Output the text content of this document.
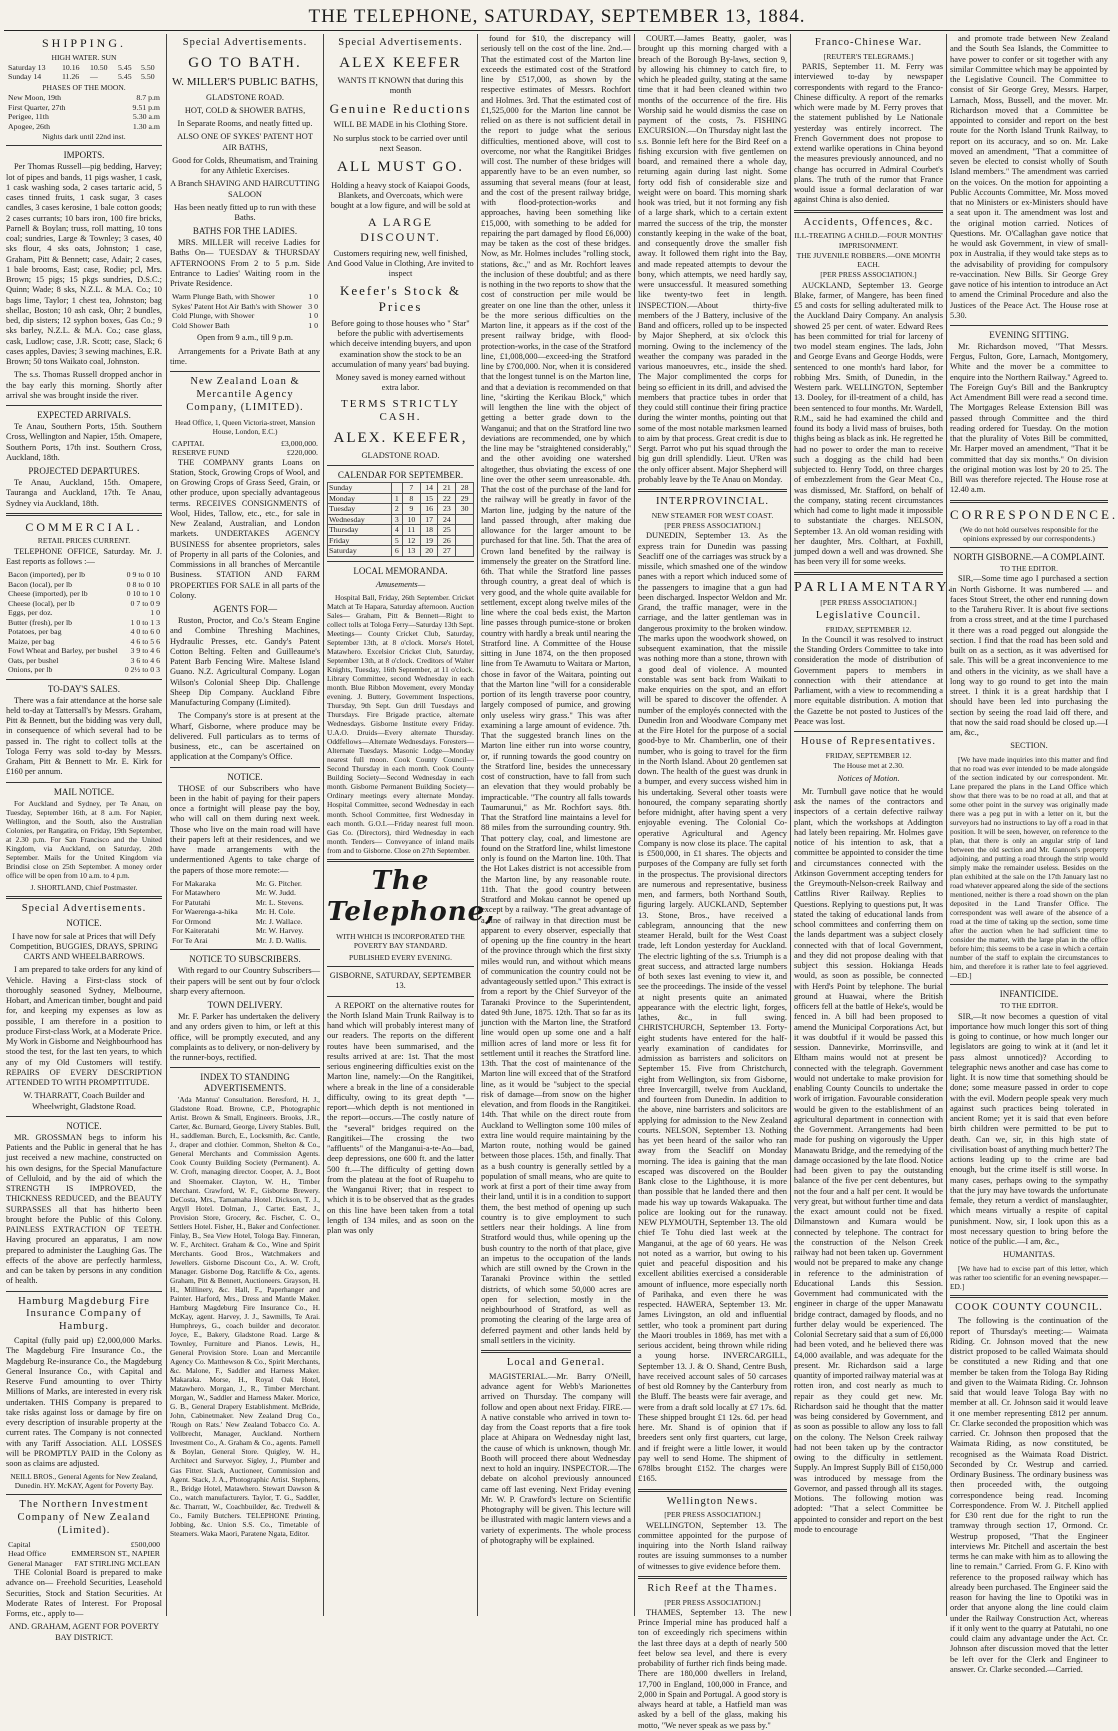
THE TELEPHONE, SATURDAY, SEPTEMBER 13, 1884.
SHIPPING.
HIGH WATER. SUN
Saturday 13	10.16	10.50	5.45	5.50
Sunday 14	11.26	—	5.45	5.50
PHASES OF THE MOON.
New Moon, 19th	8.7 p.m
First Quarter, 27th	9.51 p.m
Perigee, 11th	5.30 a.m
Apogee, 26th	1.30 a.m
Nights dark until 22nd inst.
IMPORTS.

Per Thomas Russell—pig bedding, Harvey; lot of pipes and bands, 11 pigs washer, 1 cask, 1 cask washing soda, 2 cases tartaric acid, 5 cases tinned fruits, 1 cask sugar, 3 cases candles, 3 cases kerosine, 1 bale cotton goods; 2 cases currants; 10 bars iron, 100 fire bricks, Parnell & Boylan; truss, roll matting, 10 tons coal; sundries, Large & Townley; 3 cases, 40 sks flour, 4 sks oats, Johnston; 1 case, Graham, Pitt & Bennett; case, Adair; 2 cases, 1 bale brooms, East; case, Rodie; pcl, Mrs. Brown; 15 pigs; 15 pkgs sundries, D.S.C.; Quinn; Wade; 8 sks, N.Z.L. & M.A. Co.; 10 bags lime, Taylor; 1 chest tea, Johnston; bag shellac, Boston; 10 ash cask, Ohr; 2 bundles, bed, dip sisters; 12 syphon boxes, Gas Co.; 9 sks barley, N.Z.L. & M.A. Co.; case glass, cask, Ludlow; case, J.R. Scott; case, Slack; 6 cases apples, Davies; 3 sewing machines, E.R. Brown; 50 tons Waikato coal, Johnston.

The s.s. Thomas Russell dropped anchor in the bay early this morning. Shortly after arrival she was brought inside the river.

EXPECTED ARRIVALS.

Te Anau, Southern Ports, 15th. Southern Cross, Wellington and Napier, 15th. Omapere, Southern Ports, 17th inst. Southern Cross, Auckland, 18th.

PROJECTED DEPARTURES.

Te Anau, Auckland, 15th. Omapere, Tauranga and Auckland, 17th. Te Anau, Sydney via Auckland, 18th.

COMMERCIAL.
RETAIL PRICES CURRENT.

TELEPHONE OFFICE, Saturday. Mr. J. East reports as follows :—

Bacon (imported), per lb	0 9 to 0 10
Bacon (local), per lb	0 8 to 0 10
Cheese (imported), per lb	0 10 to 1 0
Cheese (local), per lb	0 7 to 0 9
Eggs, per doz.	1 0
Butter (fresh), per lb	1 0 to 1 3
Potatoes, per bag	4 0 to 6 0
Maize, per bag	4 6 to 5 6
Fowl Wheat and Barley, per bushel	3 9 to 4 6
Oats, per bushel	3 6 to 4 6
Onions, per lb	0 2½ to 0 3
TO-DAY'S SALES.

There was a fair attendance at the horse sale held to-day at Tattersall's by Messrs. Graham, Pitt & Bennett, but the bidding was very dull, in consequence of which several had to be passed in. The right to collect tolls at the Tologa Ferry was sold to-day by Messrs. Graham, Pitt & Bennett to Mr. E. Kirk for £160 per annum.

MAIL NOTICE.

For Auckland and Sydney, per Te Anau, on Tuesday, September 16th, at 8 a.m. For Napier, Wellington, and the South, also the Australian Colonies, per Rangatira, on Friday, 19th September, at 2.30 p.m. For San Francisco and the United Kingdom, via Auckland, on Saturday, 20th September. Mails for the United Kingdom via Brindisi close on 25th September. A money order office will be open from 10 a.m. to 4 p.m.

J. SHORTLAND, Chief Postmaster.
Special Advertisements.
NOTICE.
I have now for sale at Prices that will Defy Competition, BUGGIES, DRAYS, SPRING CARTS AND WHEELBARROWS.

I am prepared to take orders for any kind of Vehicle. Having a First-class stock of thoroughly seasoned Sydney, Melbourne, Hobart, and American timber, bought and paid for, and keeping my expenses as low as possible, I am therefore in a position to produce First-class Work, at a Moderate Price. My Work in Gisborne and Neighbourhood has stood the test, for the last ten years, to which any of my Old Customers will testify. REPAIRS OF EVERY DESCRIPTION ATTENDED TO WITH PROMPTITUDE.

W. THARRATT, Coach Builder and Wheelwright, Gladstone Road.
NOTICE.

MR. GROSSMAN begs to inform his Patients and the Public in general that he has just received a new machine, constructed on his own designs, for the Special Manufacture of Celluloid, and by the aid of which the STRENGTH IS IMPROVED, the THICKNESS REDUCED, and the BEAUTY SURPASSES all that has hitherto been brought before the Public of this Colony. PAINLESS EXTRACTION OF TEETH. Having procured an apparatus, I am now prepared to administer the Laughing Gas. The effects of the above are perfectly harmless, and can be taken by persons in any condition of health.

Hamburg Magdeburg Fire Insurance Company of Hamburg.

Capital (fully paid up) £2,000,000 Marks. The Magdeburg Fire Insurance Co., the Magdeburg Re-insurance Co., the Magdeburg General Insurance Co., with Capital and Reserve Fund amounting to over Thirty Millions of Marks, are interested in every risk undertaken. THIS Company is prepared to take risks against loss or damage by fire on every description of insurable property at the current rates. The Company is not connected with any Tariff Association. ALL LOSSES will be PROMPTLY PAID in the Colony as soon as claims are adjusted.

NEILL BROS., General Agents for New Zealand, Dunedin. HY. McKAY, Agent for Poverty Bay.
The Northern Investment Company of New Zealand (Limited).
Capital	£500,000
Head Office	EMMERSON ST., NAPIER
General Manager	FAT STIRLING MCLEAN

THE Colonial Board is prepared to make advance on— Freehold Securities, Leasehold Securities, Stock and Station Securities. At Moderate Rates of Interest. For Proposal Forms, etc., apply to—

AND. GRAHAM, AGENT FOR POVERTY BAY DISTRICT.
Special Advertisements.
GO TO BATH.
W. MILLER'S PUBLIC BATHS,
GLADSTONE ROAD.
HOT, COLD & SHOWER BATHS,
In Separate Rooms, and neatly fitted up.
ALSO ONE OF SYKES' PATENT HOT AIR BATHS,
Good for Colds, Rheumatism, and Training for any Athletic Exercises.
A Branch SHAVING AND HAIRCUTTING SALOON
Has been neatly fitted up to run with these Baths.
BATHS FOR THE LADIES.

MRS. MILLER will receive Ladies for Baths On— TUESDAY & THURSDAY AFTERNOONS From 2 to 5 p.m. Side Entrance to Ladies' Waiting room in the Private Residence.

Warm Plunge Bath, with Shower	1 0
Sykes' Patent Hot Air Bath's with Shower	3 0
Cold Plunge, with Shower	1 0
Cold Shower Bath	1 0
Open from 9 a.m., till 9 p.m.

Arrangements for a Private Bath at any time.

New Zealand Loan & Mercantile Agency Company, (LIMITED).
Head Office, 1, Queen Victoria-street, Mansion House, London, E.C.)
CAPITAL	£3,000,000.
RESERVE FUND	£220,000.

THE COMPANY grants Loans on Station, Stock, Growing Crops of Wool, and on Growing Crops of Grass Seed, Grain, or other produce, upon specially advantageous terms. RECEIVES CONSIGNMENTS of Wool, Hides, Tallow, etc., etc., for sale in New Zealand, Australian, and London markets. UNDERTAKES AGENCY BUSINESS for absentee proprietors, sales of Property in all parts of the Colonies, and Commissions in all branches of Mercantile Business. STATION AND FARM PROPERTIES FOR SALE in all parts of the Colony.

AGENTS FOR—

Ruston, Proctor, and Co.'s Steam Engine and Combine Threshing Machines, Hydraulic Presses, etc. Gandy's Patent Cotton Belting. Felten and Guilleaume's Patent Barb Fencing Wire. Maltese Island Guano. N.Z. Agricultural Company. Logan Wilson's Colonial Sheep Dip. Challenge Sheep Dip Company. Auckland Fibre Manufacturing Company (Limited).

The Company's store is at present at the Wharf, Gisborne, where produce may be delivered. Full particulars as to terms of business, etc., can be ascertained on application at the Company's Office.

NOTICE.

THOSE of our Subscribers who have been in the habit of paying for their papers once a fortnight will please pay the boy, who will call on them during next week. Those who live on the main road will have their papers left at their residences, and we have made arrangements with the undermentioned Agents to take charge of the papers of those more remote:—

For Makaraka	Mr. G. Pitcher.
For Matawhero	Mr. W. Judd.
For Patutahi	Mr. L. Stevens.
For Waerenga-a-hika	Mr. H. Cole.
For Ormond	Mr. J. Wallace.
For Kaiteratahi	Mr. W. Harvey.
For Te Arai	Mr. J. D. Wallis.
NOTICE TO SUBSCRIBERS.

With regard to our Country Subscribers—their papers will be sent out by four o'clock sharp every afternoon.

TOWN DELIVERY.

Mr. F. Parker has undertaken the delivery and any orders given to him, or left at this office, will be promptly executed, and any complaints as to delivery, or non-delivery by the runner-boys, rectified.

INDEX TO STANDING ADVERTISEMENTS.

'Ada Mantua' Consultation. Beresford, H. J., Gladstone Road. Browne, C.P., Photographic Artist. Brown & Small, Engineers. Brooks, J.R., Carter, &c. Burnard, George, Livery Stables. Bull, H., saddleman. Burch, E., Locksmith, &c. Cantle, J., draper and clothier. Common, Shelton & Co., General Merchants and Commission Agents. Cook County Building Society (Permanent). A. W. Croft, managing director. Cooper, A. J., Boot and Shoemaker. Clayton, W. H., Timber Merchant. Crawford, W. F., Gisborne Brewery. DeCosta, Mrs., Tamamaha Hotel. Dickson, T. J., Argyll Hotel. Dolman, J., Carter. East, J., Provision Store, Grocery, &c. Fischer, C. O., Settlers Hotel. Fisher, H., Baker and Confectioner. Finlay, B., Sea View Hotel, Tologa Bay. Finneran, W. F., Architect. Graham & Co., Wine and Spirit Merchants. Good Bros., Watchmakers and Jewellers. Gisborne Discount Co., A. W. Croft, Manager. Gisborne Dog, Ratcliffe & Co., agents. Graham, Pitt & Bennett, Auctioneers. Grayson, H. H., Millinery, &c. Hall, F., Paperhanger and Painter. Harford, Mrs., Dress and Mantle Maker. Hamburg Magdeburg Fire Insurance Co., H. McKay, agent. Harvey, J. J., Sawmills, Te Arai. Humphreys, G., coach builder and decorator. Joyce, E., Bakery, Gladstone Road. Large & Townley, Furniture and Pianos. Lewis, H., General Provision Store. Loan and Mercantile Agency Co. Matthewson & Co., Spirit Merchants, &c. Malone, F., Saddler and Harness Maker. Makaraka. Morse, H., Royal Oak Hotel, Matawhero. Morgan, J., R., Timber Merchant. Morgan, W., Saddler and Harness Maker. Morice, G. B., General Drapery Establishment. McBride, John, Cabinetmaker. New Zealand Drug Co., 'Rough on Rats.' New Zealand Tobacco Co. A. Vollbrecht, Manager, Auckland. Northern Investment Co., A. Graham & Co., agents. Parnell & Boylan, General Store. Quigley, W. H., Architect and Surveyor. Sigley, J., Plumber and Gas Fitter. Slack, Auctioneer, Commission and Agent. Stack, J. A., Photographic Artist. Stephens, R., Bridge Hotel, Matawhero. Stewart Dawson & Co., watch manufacturers. Taylor, T. G., Saddler, &c. Tharratt, W., Coachbuilder, &c. Tredwell & Co., Family Butchers. TELEPHONE Printing, Jobbing, &c. Union S.S. Co., Timetable of Steamers. Waka Maori, Paratene Ngata, Editor.

Special Advertisements.
ALEX KEEFER
WANTS IT KNOWN that during this month
Genuine Reductions
WILL BE MADE in his Clothing Store.
No surplus stock to be carried over until next Season.
ALL MUST GO.
Holding a heavy stock of Kaiapoi Goods, Blankets, and Overcoats, which were bought at a low figure, and will be sold at
A LARGE DISCOUNT.
Customers requiring new, well finished, And Good Value in Clothing, Are invited to inspect
Keefer's Stock & Prices
Before going to those houses who " Star" before the public with advertisements which deceive intending buyers, and upon examination show the stock to be an accumulation of many years' bad buying.
Money saved is money earned without extra labor.
TERMS STRICTLY CASH.
ALEX. KEEFER,
GLADSTONE ROAD.
CALENDAR FOR SEPTEMBER.
Sunday		7	14	21	28
Monday	1	8	15	22	29
Tuesday	2	9	16	23	30
Wednesday	3	10	17	24	
Thursday	4	11	18	25	
Friday	5	12	19	26	
Saturday	6	13	20	27	
LOCAL MEMORANDA.
Amusements—

Hospital Ball, Friday, 26th September. Cricket Match at Te Hapara, Saturday afternoon. Auction Sales— Graham, Pitt & Bennett—Right to collect tolls at Tologa Ferry—Saturday 13th Sept. Meetings— County Cricket Club, Saturday, September 13th, at 8 o'clock. Morse's Hotel, Matawhero. Excelsior Cricket Club, Saturday, September 13th, at 8 o'clock. Creditors of Walter Knights, Tuesday, 16th September, at 11 o'clock. Library Committee, second Wednesday in each month. Blue Ribbon Movement, every Monday evening. J. Buttery, Government Inspections, Thursday, 9th Sept. Gun drill Tuesdays and Thursdays. Fire Brigade practice, alternate Wednesdays. Gisborne Institute every Friday. U.A.O. Druids—Every alternate Thursday. Oddfellows—Alternate Wednesdays. Foresters—Alternate Tuesdays. Masonic Lodge—Monday nearest full moon. Cook County Council—Second Thursday in each month. Cook County Building Society—Second Wednesday in each month. Gisborne Permanent Building Society—Ordinary meetings every alternate Monday. Hospital Committee, second Wednesday in each month. School Committee, first Wednesday in each month. G.O.I.—Friday nearest full moon. Gas Co. (Directors), third Wednesday in each month. Tenders— Conveyance of inland mails from and to Gisborne. Close on 27th September.

The Telephone,
WITH WHICH IS INCORPORATED THE POVERTY BAY STANDARD.
PUBLISHED EVERY EVENING.
GISBORNE, SATURDAY, SEPTEMBER 13.

A REPORT on the alternative routes for the North Island Main Trunk Railway is to hand which will probably interest many of our readers. The reports on the different routes have been summarised, and the results arrived at are: 1st. That the most serious engineering difficulties exist on the Marton line, namely:—On the Rangitikei, where a break in the line of a considerable difficulty, owing to its great depth "—report—which depth is not mentioned in the report—occurs.—The costly nature of the "several" bridges required on the Rangitikei—The crossing the two "affluents" of the Manganui-a-te-Ao—bad, deep depressions, one 600 ft. and the latter 500 ft.—The difficulty of getting down from the plateau at the foot of Ruapehu to the Wanganui River; that in respect to which it is to be observed that as the grades on this line have been taken from a total length of 134 miles, and as soon on the plan was only

found for $10, the discrepancy will seriously tell on the cost of the line. 2nd.—That the estimated cost of the Marton line exceeds the estimated cost of the Stratford line by £517,000, as shown by the respective estimates of Messrs. Rochfort and Holmes. 3rd. That the estimated cost of £1,525,000 for the Marton line cannot be relied on as there is not sufficient detail in the report to judge what the serious difficulties, mentioned above, will cost to overcome, nor what the Rangitikei Bridges will cost. The number of these bridges will apparently have to be an even number, so assuming that several means (four at least, and the cost of the present railway bridge, with flood-protection-works and approaches, having been something like £15,000, with something to be added for repairing the part damaged by flood £6,000) may be taken as the cost of these bridges. Now, as Mr. Holmes includes "rolling stock, stations, &c.," and as Mr. Rochfort leaves the inclusion of these doubtful; and as there is nothing in the two reports to show that the cost of construction per mile would be greater on one line than the other, unless it be the more serious difficulties on the Marton line, it appears as if the cost of the present railway bridge, with flood-protection-works, in the case of the Stratford line, £1,008,000—exceed-ing the Stratford line by £700,000. Nor, when it is considered that the longest tunnel is on the Marton line, and that a deviation is recommended on that line, "skirting the Kerikau Block," which will lengthen the line with the object of getting a better grade down to the Wanganui; and that on the Stratford line two deviations are recommended, one by which the line may be "straightened considerably," and the other avoiding one watershed altogether, thus obviating the excess of one line over the other seem unreasonable. 4th. That the cost of the purchase of the land for the railway will be greatly in favor of the Marton line, judging by the nature of the land passed through, after making due allowance for the larger amount to be purchased for that line. 5th. That the area of Crown land benefited by the railway is immensely the greater on the Stratford line. 6th. That while the Stratford line passes through country, a great deal of which is very good, and the whole quite available for settlement, except along twelve miles of the line where the coal beds exist, the Marton line passes through pumice-stone or broken country with hardly a break until nearing the Stratford line. A Committee of the House sitting in June 1874, on the then proposed line from Te Awamutu to Waitara or Marton, chose in favor of the Waitara, pointing out that the Marton line "will for a considerable portion of its length traverse poor country, largely composed of pumice, and growing only useless wiry grass." This was after examining a large amount of evidence. 7th. That the suggested branch lines on the Marton line either run into worse country, or, if running towards the good country on the Stratford line, besides the unnecessary cost of construction, have to fall from such an elevation that they would probably be impracticable. "The country all falls towards Taumarunui," as Mr. Rochfort says. 8th. That the Stratford line maintains a level for 88 miles from the surrounding country. 9th. That pottery clay, coal, and limestone are found on the Stratford line, whilst limestone only is found on the Marton line. 10th. That the Hot Lakes district is not accessible from the Marton line, by any reasonable route. 11th. That the good country between Stratford and Mokau cannot be opened up except by a railway. "The great advantage of a line of railway in that direction must be apparent to every observer, especially that of opening up the fine country in the heart of the province through which the first sixty miles would run, and without which means of communication the country could not be advantageously settled upon." This extract is from a report by the Chief Surveyor of the Taranaki Province to the Superintendent, dated 9th June, 1875. 12th. That so far as its junction with the Marton line, the Stratford line would open up some one and a half million acres of land more or less fit for settlement until it reaches the Stratford line. 13th. That the cost of maintenance of the Marton line will exceed that of the Stratford line, as it would be "subject to the special risk of damage—from snow on the higher elevation, and from floods in the Rangitikei. 14th. That while on the direct route from Auckland to Wellington some 100 miles of extra line would require maintaining by the Marton route, nothing would be gained between those places. 15th, and finally. That as a bush country is generally settled by a population of small means, who are quite to work at first a port of their time away from their land, until it is in a condition to support them, the best method of opening up such country is to give employment to such settlers near their holdings. A line from Stratford would thus, while opening up the bush country to the north of that place, give an impetus to the occupation of the lands which are still owned by the Crown in the Taranaki Province within the settled districts, of which some 50,000 acres are open for selection, mostly in the neighbourhood of Stratford, as well as promoting the clearing of the large area of deferred payment and other lands held by small settlers in the vicinity.

Local and General.

MAGISTERIAL.—Mr. Barry O'Neill, advance agent for Webb's Marionettes arrived on Thursday. The company will follow and open about next Friday. FIRE.—A native constable who arrived in town to-day from the Coast reports that a fire took place at Ahipara on Wednesday night last, the cause of which is unknown, though Mr. Booth will proceed there about Wednesday next to hold an inquiry. INSPECTOR.—The debate on alcohol previously announced came off last evening. Next Friday evening Mr. W. P. Crawford's lecture on Scientific Photography will be given. This lecture will be illustrated with magic lantern views and a variety of experiments. The whole process of photography will be explained.

COURT.—James Beatty, gaoler, was brought up this morning charged with a breach of the Borough By-laws, section 9, by allowing his chimney to catch fire, to which he pleaded guilty, stating at the same time that it had been cleaned within two months of the occurrence of the fire. His Worship said he would dismiss the case on payment of the costs, 7s. FISHING EXCURSION.—On Thursday night last the s.s. Bonnie left here for the Bird Reef on a fishing excursion with five gentlemen on board, and remained there a whole day, returning again during last night. Some forty odd fish of considerable size and weight were on board. This morning shark hook was tried, but it not forming any fish of a large shark, which to a certain extent marred the success of the trip, the monster constantly keeping in the wake of the boat, and consequently drove the smaller fish away. It followed them right into the Bay, and made repeated attempts to devour the bony, which attempts, we need hardly say, were unsuccessful. It measured something like twenty-two feet in length. INSPECTION.—About thirty-five members of the J Battery, inclusive of the Band and officers, rolled up to be inspected by Major Shepherd, at six o'clock this morning. Owing to the inclemency of the weather the company was paraded in the various manoeuvres, etc., inside the shed. The Major complimented the corps for being so efficient in its drill, and advised the members that practice tubes in order that they could still continue their firing practice during the winter months, pointing out that some of the most notable marksmen learned to aim by that process. Great credit is due to Sergt. Parrot who put his squad through the big gun drill splendidly. Lieut. U'Ren was the only officer absent. Major Shepherd will probably leave by the Te Anau on Monday.

INTERPROVINCIAL.
NEW STEAMER FOR WEST COAST.
[PER PRESS ASSOCIATION.]

DUNEDIN, September 13. As the express train for Dunedin was passing Seacliff one of the carriages was struck by a missile, which smashed one of the window panes with a report which induced some of the passengers to imagine that a gun had been discharged. Inspector Weldon and Mr. Grand, the traffic manager, were in the carriage, and the latter gentleman was in dangerous proximity to the broken window. The marks upon the woodwork showed, on subsequent examination, that the missile was nothing more than a stone, thrown with a good deal of violence. A mounted constable was sent back from Waikati to make enquiries on the spot, and an effort will be spared to discover the offender. A number of the employés connected with the Dunedin Iron and Woodware Company met at the Fire Hotel for the purpose of a social good-bye to Mr. Chamberlin, one of their number, who is going to travel for the firm in the North Island. About 20 gentlemen sat down. The health of the guest was drunk in a bumper, and every success wished him in his undertaking. Several other toasts were honoured, the company separating shortly before midnight, after having spent a very enjoyable evening. The Colonial Co-operative Agricultural and Agency Company is now close its place. The capital is £500,000, in £1 shares. The objects and purposes of the Company are fully set forth in the prospectus. The provisional directors are numerous and representative, business men, and farmers, both Northand South, figuring largely. AUCKLAND, September 13. Stone, Bros., have received a cablegram, announcing that the new steamer Herald, built for the West Coast trade, left London yesterday for Auckland. The electric lighting of the s.s. Triumph is a great success, and attracted large numbers of both sexes last evening to view it, and see the proceedings. The inside of the vessel at night presents quite an animated appearance with the electric light, forges, lathes, &c., in full swing. CHRISTCHURCH, September 13. Forty-eight students have entered for the half-yearly examination of candidates for admission as barristers and solicitors on September 15. Five from Christchurch, eight from Wellington, six from Gisborne, three Invercargill, twelve from Auckland, and fourteen from Dunedin. In addition to the above, nine barristers and solicitors are applying for admission to the New Zealand courts. NELSON, September 13. Nothing has yet been heard of the sailor who ran away from the Seacliff on Monday morning. The idea is gaining that the man escaped was discovered on the Boulder Bank close to the Lighthouse, it is more than possible that he landed there and then made his way up towards Wakapuaka. The police are looking out for the runaway. NEW PLYMOUTH, September 13. The old chief Te Tohu died last week at the Manganui, at the age of 60 years. He was not noted as a warrior, but owing to his quiet and peaceful disposition and his excellent abilities exercised a considerable amount of influence, more especially north of Parihaka, and even there he was respected. HAWERA, September 13. Mr. James Livingston, an old and influential settler, who took a prominent part during the Maori troubles in 1869, has met with a serious accident, being thrown while riding a young horse. INVERCARGILL, September 13. J. & O. Shand, Centre Bush, have received account sales of 50 carcases of best old Romney by the Canterbury from the Bluff. The beasts were fair average, and were from a draft sold locally at £7 17s. 6d. These shipped brought £1 12s. 6d. per head here. Mr. Shand is of opinion that if breeders sent only first quarters, cut large, and if freight were a little lower, it would pay well to send Home. The shipment of 678lbs brought £152. The charges were £165.

Wellington News.
[PER PRESS ASSOCIATION.]

WELLINGTON, September 13. The committee appointed for the purpose of inquiring into the North Island railway routes are issuing summonses to a number of witnesses to give evidence before them.

Rich Reef at the Thames.
[PER PRESS ASSOCIATION.]

THAMES, September 13. The new Prince Imperial mine has produced half a ton of exceedingly rich specimens within the last three days at a depth of nearly 500 feet below sea level, and there is every probability of further rich finds being made. There are 180,000 dwellers in Ireland, 17,700 in England, 100,000 in France, and 2,000 in Spain and Portugal. A good story is always heard at table, a Hatfield man was asked by a bell of the glass, making his motto, "We never speak as we pass by."

Franco-Chinese War.
[REUTER'S TELEGRAMS.]

PARIS, September 11. M. Ferry was interviewed to-day by newspaper correspondents with regard to the Franco-Chinese difficulty. A report of the remarks which were made by M. Ferry proves that the statement published by Le Nationale yesterday was entirely incorrect. The French Government does not propose to extend warlike operations in China beyond the measures previously announced, and no change has occurred in Admiral Courbet's plans. The truth of the rumor that France would issue a formal declaration of war against China is also denied.

Accidents, Offences, &c.
ILL-TREATING A CHILD.—FOUR MONTHS' IMPRISONMENT.
THE JUVENILE ROBBERS.—ONE MONTH EACH.
[PER PRESS ASSOCIATION.]

AUCKLAND, September 13. George Blake, farmer, of Mangere, has been fined £5 and costs for selling adulterated milk to the Auckland Dairy Company. An analysis showed 25 per cent. of water. Edward Rees has been committed for trial for larceny of two model steam engines. The lads, John and George Evans and George Hodds, were sentenced to one month's hard labor, for robbing Mrs. Smith, of Dunedin, in the Western park. WELLINGTON, September 13. Dooley, for ill-treatment of a child, has been sentenced to four months. Mr. Wardell, R.M., said he had examined the child and found its body a livid mass of bruises, both thighs being as black as ink. He regretted he had no power to order the man to receive such a dogging as the child had been subjected to. Henry Todd, on three charges of embezzlement from the Gear Meat Co., was dismissed, Mr. Stafford, on behalf of the company, stating recent circumstances which had come to light made it impossible to substantiate the charges. NELSON, September 13. An old woman residing with her daughter, Mrs. Colthart, at Foxhill, jumped down a well and was drowned. She has been very ill for some weeks.

PARLIAMENTARY.
[PER PRESS ASSOCIATION.]
Legislative Council.
FRIDAY, SEPTEMBER 12.

In the Council it was resolved to instruct the Standing Orders Committee to take into consideration the mode of distribution of Government papers to members in connection with their attendance at Parliament, with a view to recommending a more equitable distribution. A motion that the Gazette be not posted to Justices of the Peace was lost.

House of Representatives.
FRIDAY, SEPTEMBER 12.
The House met at 2.30.
Notices of Motion.

Mr. Turnbull gave notice that he would ask the names of the contractors and inspectors of a certain defective railway plant, which the workshops at Addington had lately been repairing. Mr. Holmes gave notice of his intention to ask, that a committee be appointed to consider the time and circumstances connected with the Atkinson Government accepting tenders for the Greymouth-Nelson-creek Railway and Cattlins River Railway. Replies to Questions. Replying to questions put, It was stated the taking of educational lands from school committees and conferring them on the lands department was a subject closely connected with that of local Government, and they did not propose dealing with that subject this session. Hokianga Heads would, as soon as possible, be connected with Herd's Point by telephone. The burial ground at Huawai, where the British officers fell at the battle of Heke's, would be fenced in. A bill had been proposed to amend the Municipal Corporations Act, but it was doubtful if it would be passed this session. Dannevirke, Morrinsville, and Eltham mains would not at present be connected with the telegraph. Government would not undertake to make provision for enabling County Councils to undertake the work of irrigation. Favourable consideration would be given to the establishment of an agricultural department in connection with the Government. Arrangements had been made for pushing on vigorously the Upper Manawatu Bridge, and the remedying of the damage occasioned by the late flood. Notice had been given to pay the outstanding balance of the five per cent debentures, but not the four and a half per cent. It would be very great, but without further time and data the exact amount could not be fixed. Dilmanstown and Kumara would be connected by telephone. The contract for the construction of the Nelson Creek railway had not been taken up. Government would not be prepared to make any change in reference to the administration of Educational Lands this Session. Government had communicated with the engineer in charge of the upper Manawatu bridge contract, damaged by floods, and no further delay would be experienced. The Colonial Secretary said that a sum of £6,000 had been voted, and he believed there was £4,000 available, and was adequate for the present. Mr. Richardson said a large quantity of imported railway material was at rotten iron, and cost nearly as much to repair as they could get new. Mr. Richardson said he thought that the matter was being considered by Government, and as soon as possible to allow any loss to fall on the colony. The Nelson Creek railway had not been taken up by the contractor owing to the difficulty in settlement. Supply. An Imprest Supply Bill of £150,000 was introduced by message from the Governor, and passed through all its stages. Motions. The following motion was adopted: "That a select Committee be appointed to consider and report on the best mode to encourage

and promote trade between New Zealand and the South Sea Islands, the Committee to have power to confer or sit together with any similar Committee which may be appointed by the Legislative Council. The Committee to consist of Sir George Grey, Messrs. Harper, Larnach, Moss, Bussell, and the mover. Mr. Richardson moved that a Committee be appointed to consider and report on the best route for the North Island Trunk Railway, to report on its accuracy, and so on. Mr. Lake moved an amendment, "That a committee of seven be elected to consist wholly of South Island members." The amendment was carried on the voices. On the motion for appointing a Public Accounts Committee, Mr. Moss moved that no Ministers or ex-Ministers should have a seat upon it. The amendment was lost and the original motion carried. Notices of Questions. Mr. O'Callaghan gave notice that he would ask Government, in view of small-pox in Australia, if they would take steps as to the advisability of providing for compulsory re-vaccination. New Bills. Sir George Grey gave notice of his intention to introduce an Act to amend the Criminal Procedure and also the Justices of the Peace Act. The House rose at 5.30.

EVENING SITTING.

Mr. Richardson moved, "That Messrs. Fergus, Fulton, Gore, Larnach, Montgomery, White and the mover be a committee to enquire into the Northern Railway." Agreed to. The Foreign Guy's Bill and the Bankruptcy Act Amendment Bill were read a second time. The Mortgages Release Extension Bill was passed through Committee and the third reading ordered for Tuesday. On the motion that the plurality of Votes Bill be committed, Mr. Harper moved an amendment, "That it be committed that day six months." On division the original motion was lost by 20 to 25. The Bill was therefore rejected. The House rose at 12.40 a.m.

CORRESPONDENCE.
(We do not hold ourselves responsible for the opinions expressed by our correspondents.)
NORTH GISBORNE.—A COMPLAINT.
TO THE EDITOR.

SIR,—Some time ago I purchased a section in North Gisborne. It was numbered — and faces Stout Street, the other end running down to the Taruheru River. It is about five sections from a cross street, and at the time I purchased it there was a road pegged out alongside the section. I find that the road has been sold and built on as a section, as it was advertised for sale. This will be a great inconvenience to me and others in the vicinity, as we shall have a long way to go round to get into the main street. I think it is a great hardship that I should have been led into purchasing the section by seeing the road laid off there, and that now the said road should be closed up.—I am, &c.,

SECTION.

[We have made inquiries into this matter and find that no road was ever intended to be made alongside of the section indicated by our correspondent. Mr. Lane prepared the plans in the Land Office which show that there was to be no road at all, and that at some other point in the survey was originally made there was a peg put in with a letter on it, but the surveyors had no instructions to lay off a road in that position. It will be seen, however, on reference to the plan, that there is only an angular strip of land between the old section and Mr. Gannon's property adjoining, and putting a road through the strip would simply make the remainder useless. Besides on the plan exhibited at the sale on the 17th January last no road whatever appeared along the side of the sections mentioned, neither is there a road shown on the plan deposited in the Land Transfer Office. The correspondent was well aware of the absence of a road at the time of taking up the section, some time after the auction when he had sufficient time to consider the matter, with the large plan in the office before him; this seems to be a case in which a certain number of the staff to explain the circumstances to him, and therefore it is rather late to feel aggrieved.—ED.]

INFANTICIDE.
TO THE EDITOR.

SIR,—It now becomes a question of vital importance how much longer this sort of thing is going to continue, or how much longer our legislators are going to wink at it (and let it pass almost unnoticed)? According to telegraphic news another and case has come to light. It is now time that something should be done; some measure passed in order to cope with the evil. Modern people speak very much against such practices being tolerated in ancient Rome; yet it is said that even before birth children were permitted to be put to death. Can we, sir, in this high state of civilisation boast of anything much better? The actions leading up to the crime are bad enough, but the crime itself is still worse. In many cases, perhaps owing to the sympathy that the jury may have towards the unfortunate female, they return a verdict of manslaughter, which means virtually a respite of capital punishment. Now, sir, I look upon this as a most necessary question to bring before the notice of the public.—I am, &c.,

HUMANITAS.

[We have had to excise part of this letter, which was rather too scientific for an evening newspaper.—ED.]

COOK COUNTY COUNCIL.

The following is the continuation of the report of Thursday's meeting:— Waimata Riding. Cr. Johnson moved that the new district proposed to be called Waimata should be constituted a new Riding and that one member be taken from the Tologa Bay Riding and given to the Waimata Riding. Cr. Johnson said that would leave Tologa Bay with no member at all. Cr. Johnson said it would leave it one member representing £812 per annum. Cr. Clarke seconded the proposition which was carried. Cr. Johnson then proposed that the Waimata Riding, as now constituted, be recognised as the Waimata Road District. Seconded by Cr. Westrup and carried. Ordinary Business. The ordinary business was then proceeded with, the outgoing correspondence being read. Incoming Correspondence. From W. J. Pitchell applied for £30 rent due for the right to run the tramway through section 17, Ormond. Cr. Westrup proposed, "That the Engineer interviews Mr. Pitchell and ascertain the best terms he can make with him as to allowing the line to remain." Carried. From G. F. Kino with reference to the proposed railway which has already been purchased. The Engineer said the reason for having the line to Opotiki was in order that anyone along the line could claim under the Railway Construction Act, whereas if it only went to the quarry at Patutahi, no one could claim any advantage under the Act. Cr. Johnson after discussion moved that the letter be left over for the Clerk and Engineer to answer. Cr. Clarke seconded.—Carried.
